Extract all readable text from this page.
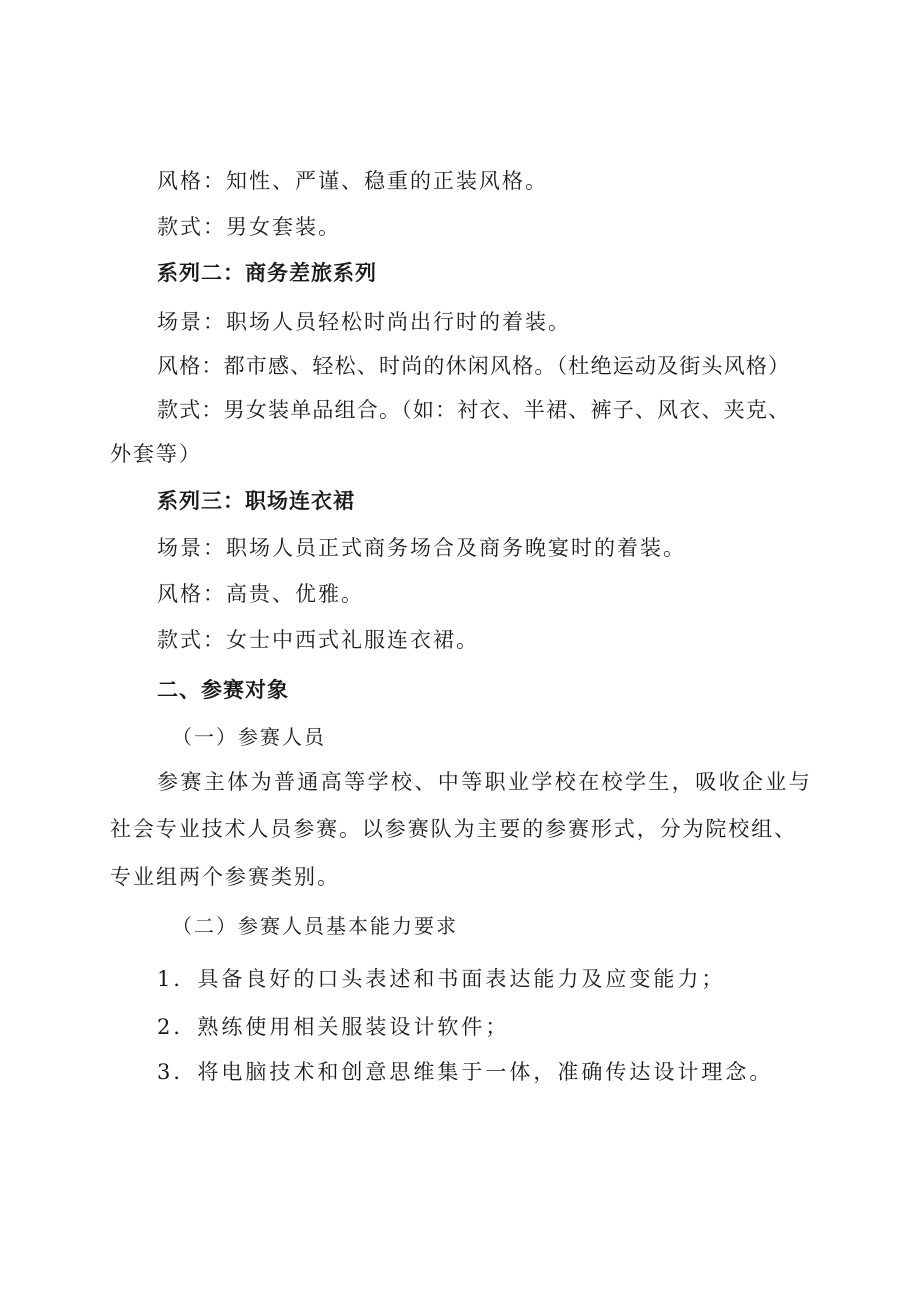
风格：知性、严谨、稳重的正装风格。
款式：男女套装。
系列二：商务差旅系列
场景：职场人员轻松时尚出行时的着装。
风格：都市感、轻松、时尚的休闲风格。（杜绝运动及街头风格）
款式：男女装单品组合。（如：衬衣、半裙、裤子、风衣、夹克、
外套等）
系列三：职场连衣裙
场景：职场人员正式商务场合及商务晚宴时的着装。
风格：高贵、优雅。
款式：女士中西式礼服连衣裙。
二、参赛对象
（一）参赛人员
参赛主体为普通高等学校、中等职业学校在校学生，吸收企业与
社会专业技术人员参赛。以参赛队为主要的参赛形式，分为院校组、
专业组两个参赛类别。
（二）参赛人员基本能力要求
1．具备良好的口头表述和书面表达能力及应变能力；
2．熟练使用相关服装设计软件；
3．将电脑技术和创意思维集于一体，准确传达设计理念。
